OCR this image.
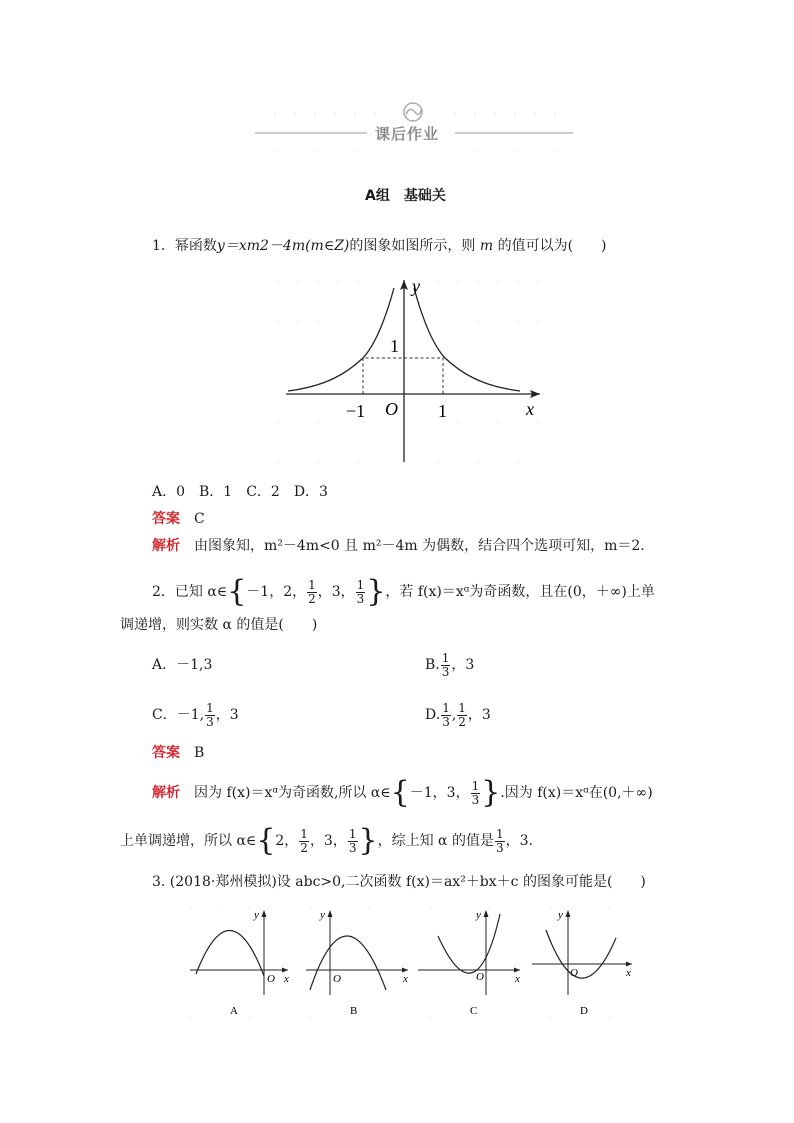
课后作业
A组　基础关
1．幂函数y＝xm2－4m(m∈Z)的图象如图所示，则 m 的值可以为(　　)
y
x
O
−1	1
1
A．0　B．1　C．2　D．3
答案　 C
解析　 由图象知，m²－4m<0 且 m²－4m 为偶数，结合四个选项可知，m＝2.
2．已知 α∈{－1，2， $\frac{1}{2}$ ，3， $\frac{1}{3}$ }，若 f(x)＝xᵅ为奇函数，且在(0，＋∞)上单
调递增，则实数 α 的值是(　　)
A．－1,3	B. $\frac{1}{3}$ ，3
C．－1, $\frac{1}{3}$ ，3	D. $\frac{1}{3}$ , $\frac{1}{2}$ ，3
答案　 B
解析　 因为 f(x)＝xᵅ为奇函数,所以 α∈{－1，3， $\frac{1}{3}$ }.因为 f(x)＝xᵅ在(0,＋∞)
上单调递增，所以 α∈{2， $\frac{1}{2}$ ，3， $\frac{1}{3}$ }，综上知 α 的值是 $\frac{1}{3}$ ，3.
3. (2018·郑州模拟)设 abc>0,二次函数 f(x)＝ax²＋bx＋c 的图象可能是(　　)
y
x
O
A
y
x
O
B
y
x
O
C
y
x
O
D
